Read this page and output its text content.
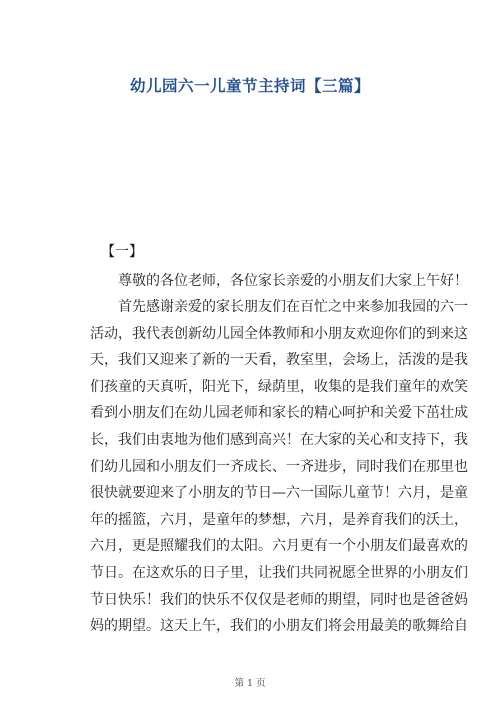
幼儿园六一儿童节主持词【三篇】
【一】
尊敬的各位老师，各位家长亲爱的小朋友们大家上午好！
首先感谢亲爱的家长朋友们在百忙之中来参加我园的六一
活动，我代表创新幼儿园全体教师和小朋友欢迎你们的到来这
天，我们又迎来了新的一天看，教室里，会场上，活泼的是我
们孩童的天真听，阳光下，绿荫里，收集的是我们童年的欢笑
看到小朋友们在幼儿园老师和家长的精心呵护和关爱下茁壮成
长，我们由衷地为他们感到高兴！在大家的关心和支持下，我
们幼儿园和小朋友们一齐成长、一齐进步，同时我们在那里也
很快就要迎来了小朋友的节日—六一国际儿童节！六月，是童
年的摇篮，六月，是童年的梦想，六月，是养育我们的沃土，
六月，更是照耀我们的太阳。六月更有一个小朋友们最喜欢的
节日。在这欢乐的日子里，让我们共同祝愿全世界的小朋友们
节日快乐！我们的快乐不仅仅是老师的期望，同时也是爸爸妈
妈的期望。这天上午，我们的小朋友们将会用最美的歌舞给自
第 1 页
